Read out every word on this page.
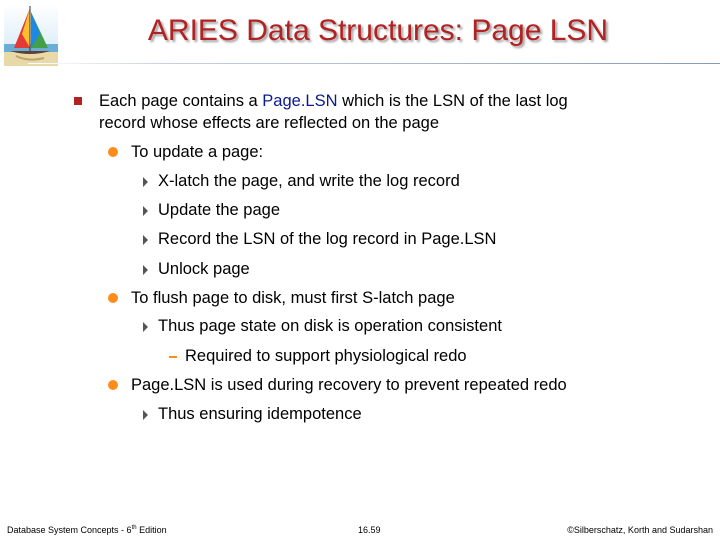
ARIES Data Structures: Page LSN
Each page contains a Page.LSN which is the LSN of the last log
record whose effects are reflected on the page
To update a page:
X-latch the page, and write the log record
Update the page
Record the LSN of the log record in Page.LSN
Unlock page
To flush page to disk, must first S-latch page
Thus page state on disk is operation consistent
Required to support physiological redo
Page.LSN is used during recovery to prevent repeated redo
Thus ensuring idempotence
Database System Concepts - 6th Edition	16.59	©Silberschatz, Korth and Sudarshan
